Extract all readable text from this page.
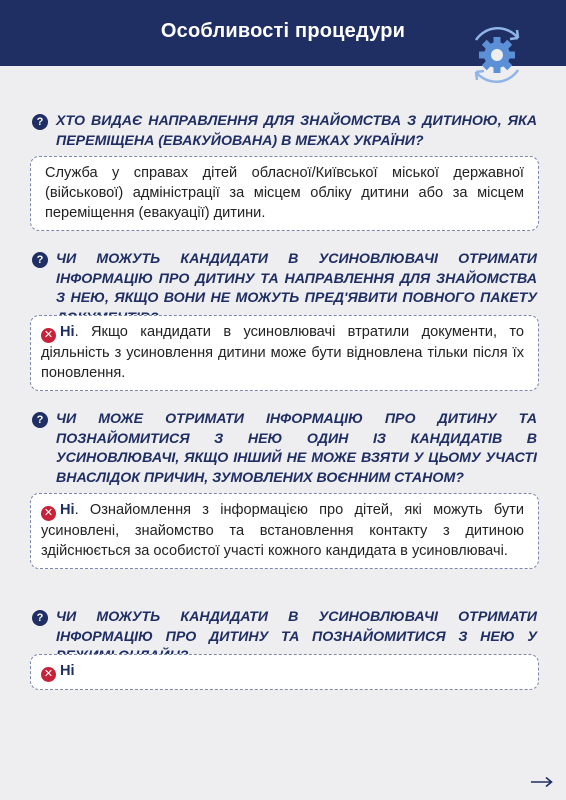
Особливості процедури
? ХТО ВИДАЄ НАПРАВЛЕННЯ ДЛЯ ЗНАЙОМСТВА З ДИТИНОЮ, ЯКА ПЕРЕМІЩЕНА (ЕВАКУЙОВАНА) В МЕЖАХ УКРАЇНИ?
Служба у справах дітей обласної/Київської міської державної (військової) адміністрації за місцем обліку дитини або за місцем переміщення (евакуації) дитини.
? ЧИ МОЖУТЬ КАНДИДАТИ В УСИНОВЛЮВАЧІ ОТРИМАТИ ІНФОРМАЦІЮ ПРО ДИТИНУ ТА НАПРАВЛЕННЯ ДЛЯ ЗНАЙОМСТВА З НЕЮ, ЯКЩО ВОНИ НЕ МОЖУТЬ ПРЕД'ЯВИТИ ПОВНОГО ПАКЕТУ
✕ Ні. Якщо кандидати в усиновлювачі втратили документи, то діяльність з усиновлення дитини може бути відновлена тільки після їх поновлення.
? ЧИ МОЖЕ ОТРИМАТИ ІНФОРМАЦІЮ ПРО ДИТИНУ ТА ПОЗНАЙОМИТИСЯ З НЕЮ ОДИН ІЗ КАНДИДАТІВ В УСИНОВЛЮВАЧІ, ЯКЩО ІНШИЙ НЕ МОЖЕ ВЗЯТИ У ЦЬОМУ УЧАСТІ ВНАСЛІДОК ПРИЧИН, ЗУМОВЛЕНИХ ВОЄННИМ СТАНОМ?
✕ Ні. Ознайомлення з інформацією про дітей, які можуть бути усиновлені, знайомство та встановлення контакту з дитиною здійснюється за особистої участі кожного кандидата в усиновлювачі.
? ЧИ МОЖУТЬ КАНДИДАТИ В УСИНОВЛЮВАЧІ ОТРИМАТИ ІНФОРМАЦІЮ ПРО ДИТИНУ ТА ПОЗНАЙОМИТИСЯ З НЕЮ У
✕ Ні
